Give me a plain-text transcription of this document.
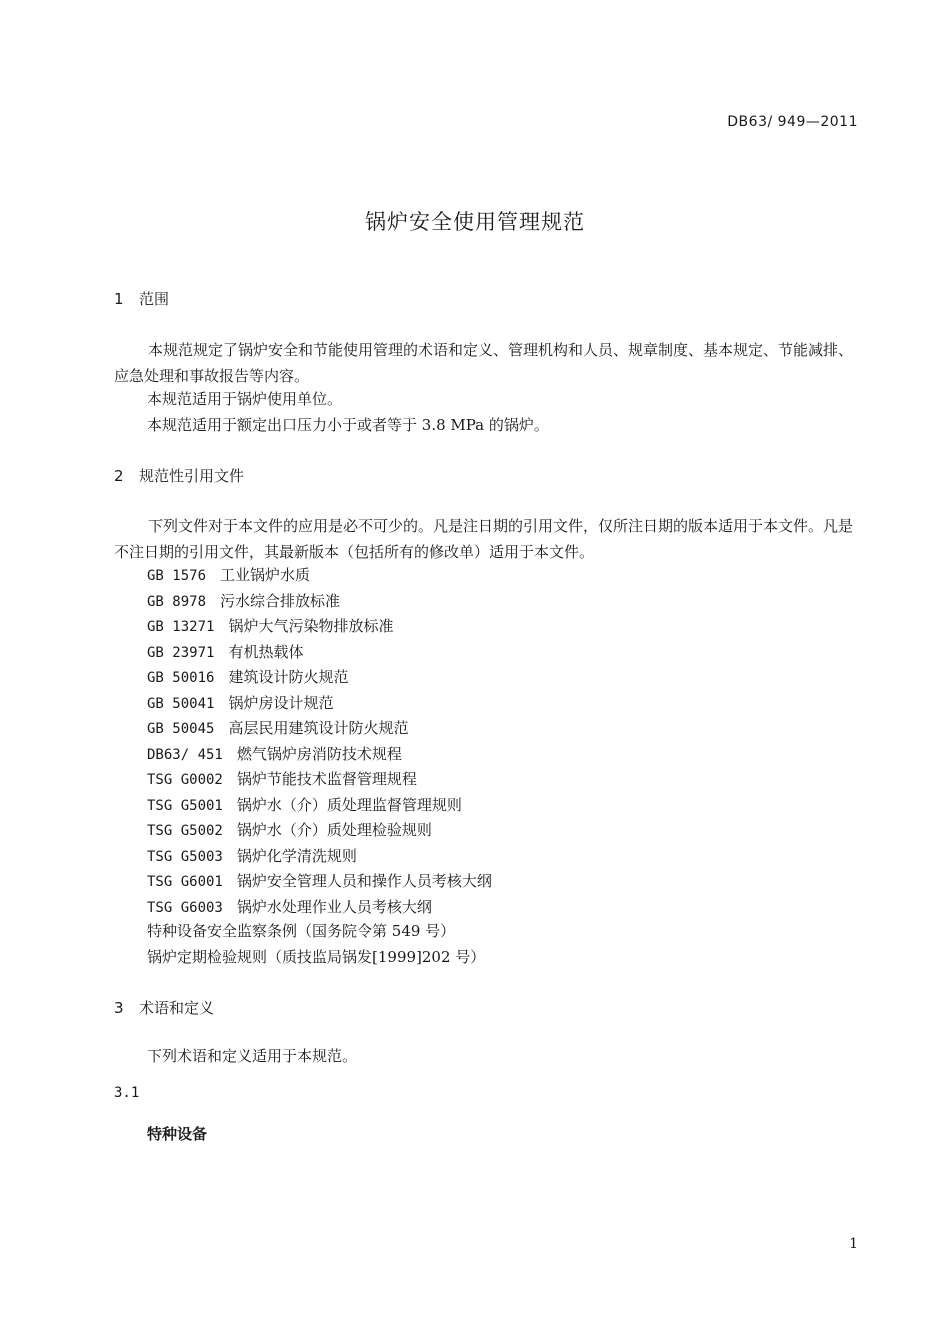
DB63/ 949—2011
锅炉安全使用管理规范
1 范围
本规范规定了锅炉安全和节能使用管理的术语和定义、管理机构和人员、规章制度、基本规定、节能减排、应急处理和事故报告等内容。
本规范适用于锅炉使用单位。
本规范适用于额定出口压力小于或者等于 3.8 MPa 的锅炉。
2 规范性引用文件
下列文件对于本文件的应用是必不可少的。凡是注日期的引用文件，仅所注日期的版本适用于本文件。凡是不注日期的引用文件，其最新版本（包括所有的修改单）适用于本文件。
GB 1576 工业锅炉水质
GB 8978 污水综合排放标准
GB 13271 锅炉大气污染物排放标准
GB 23971 有机热载体
GB 50016 建筑设计防火规范
GB 50041 锅炉房设计规范
GB 50045 高层民用建筑设计防火规范
DB63/ 451 燃气锅炉房消防技术规程
TSG G0002 锅炉节能技术监督管理规程
TSG G5001 锅炉水（介）质处理监督管理规则
TSG G5002 锅炉水（介）质处理检验规则
TSG G5003 锅炉化学清洗规则
TSG G6001 锅炉安全管理人员和操作人员考核大纲
TSG G6003 锅炉水处理作业人员考核大纲
特种设备安全监察条例（国务院令第 549 号）
锅炉定期检验规则（质技监局锅发[1999]202 号）
3 术语和定义
下列术语和定义适用于本规范。
3.1
特种设备
1
